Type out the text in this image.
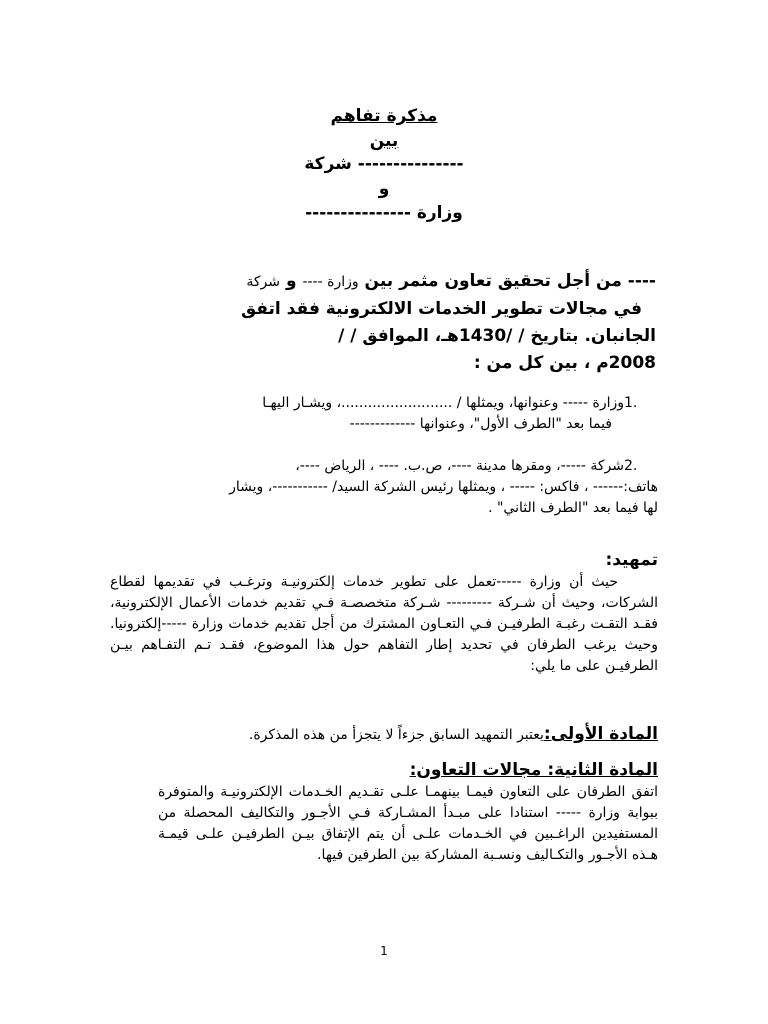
مذكرة تفاهم
بين
--------------- شركة
و
وزارة ---------------
---- من أجل تحقيق تعاون مثمر بين وزارة ---- و شركة
في مجالات تطوير الخدمات الالكترونية فقد اتفق
الجانبان. بتاريخ / /1430هـ، الموافق / /
2008م ، بين كل من :
.1
وزارة ----- وعنوانها، ويمثلها / .........................، ويشـار اليهـا
فيما بعد "الطرف الأول"، وعنوانها -------------
.2
شركة -----، ومقرها مدينة ----، ص.ب. ---- ، الرياض ----،
هاتف:------ ، فاكس: ----- ، ويمثلها رئيس الشركة السيد/ -----------، ويشار
لها فيما بعد "الطرف الثاني" .
تمهيد:
حيث أن وزارة -----تعمل على تطوير خدمات إلكترونيـة وترغـب في تقديمها لقطاع الشركات، وحيث أن شـركة --------- شـركة متخصصـة فـي تقديم خدمات الأعمال الإلكترونية، فقـد التقـت رغبـة الطرفيـن فـي التعـاون المشترك من أجل تقديم خدمات وزارة -----إلكترونيا. وحيث يرغب الطرفان في تحديد إطار التفاهم حول هذا الموضوع، فقـد تـم التفـاهم بيـن الطرفيـن على ما يلي:
المادة الأولى:يعتبر التمهيد السابق جزءاً لا يتجزأ من هذه المذكرة.
المادة الثانية: مجالات التعاون:
اتفق الطرفان على التعاون فيمـا بينهمـا علـى تقـديم الخـدمات الإلكترونيـة والمتوفرة ببوابة وزارة ----- استنادا على مبـدأ المشـاركة فـي الأجـور والتكاليف المحصلة من المستفيدين الراغـبين في الخـدمات علـى أن يتم الإتفاق بيـن الطرفيـن علـى قيمـة هـذه الأجـور والتكـاليف ونسـبة المشاركة بين الطرفين فيها.
1
